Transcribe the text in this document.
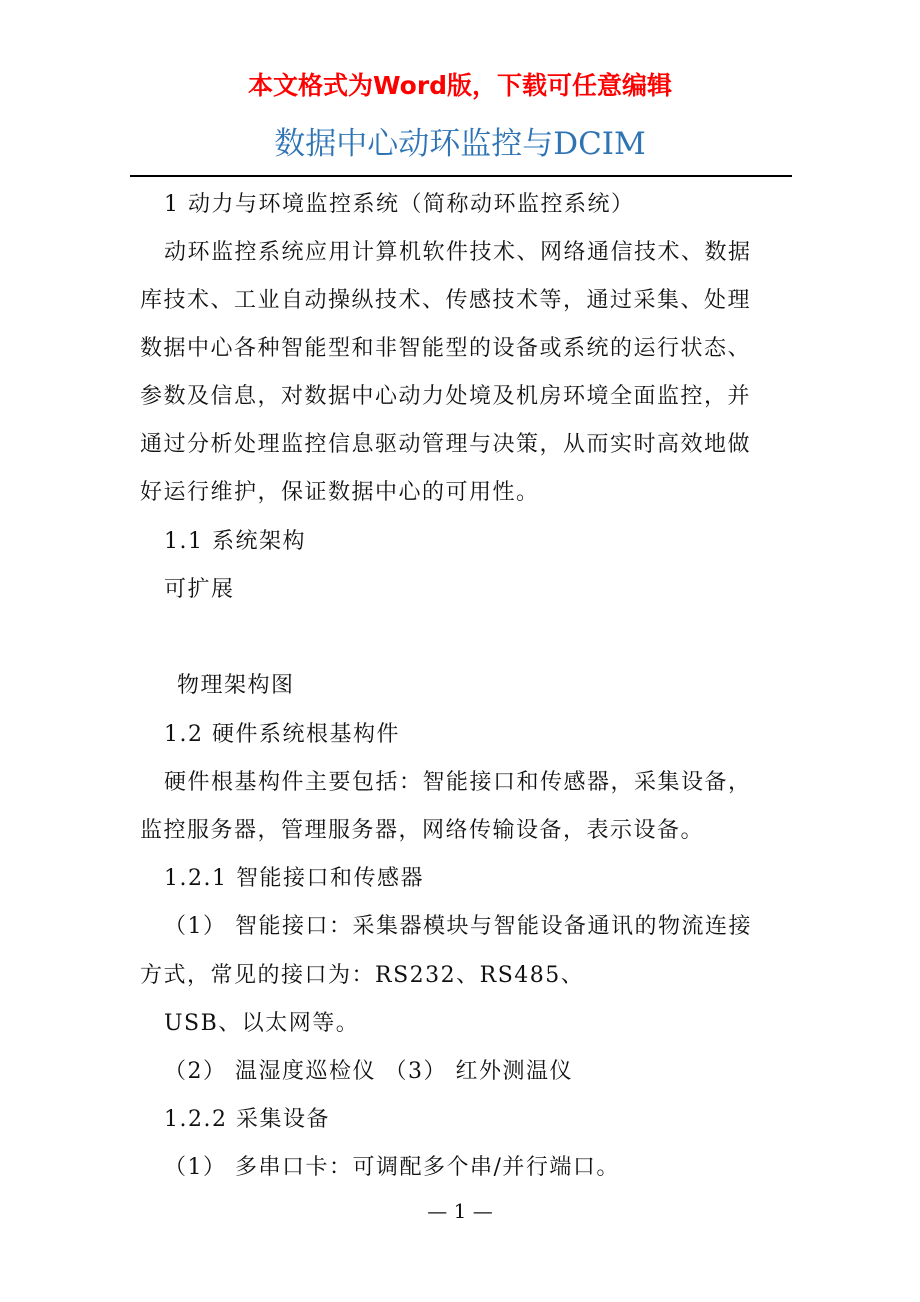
本文格式为Word版，下载可任意编辑
数据中心动环监控与DCIM
1 动力与环境监控系统（简称动环监控系统）
动环监控系统应用计算机软件技术、网络通信技术、数据
库技术、工业自动操纵技术、传感技术等，通过采集、处理
数据中心各种智能型和非智能型的设备或系统的运行状态、
参数及信息，对数据中心动力处境及机房环境全面监控，并
通过分析处理监控信息驱动管理与决策，从而实时高效地做
好运行维护，保证数据中心的可用性。
1.1 系统架构
可扩展
物理架构图
1.2 硬件系统根基构件
硬件根基构件主要包括：智能接口和传感器，采集设备，
监控服务器，管理服务器，网络传输设备，表示设备。
1.2.1 智能接口和传感器
（1） 智能接口：采集器模块与智能设备通讯的物流连接
方式，常见的接口为：RS232、RS485、
USB、以太网等。
（2） 温湿度巡检仪 （3） 红外测温仪
1.2.2 采集设备
（1） 多串口卡：可调配多个串/并行端口。
— 1 —
